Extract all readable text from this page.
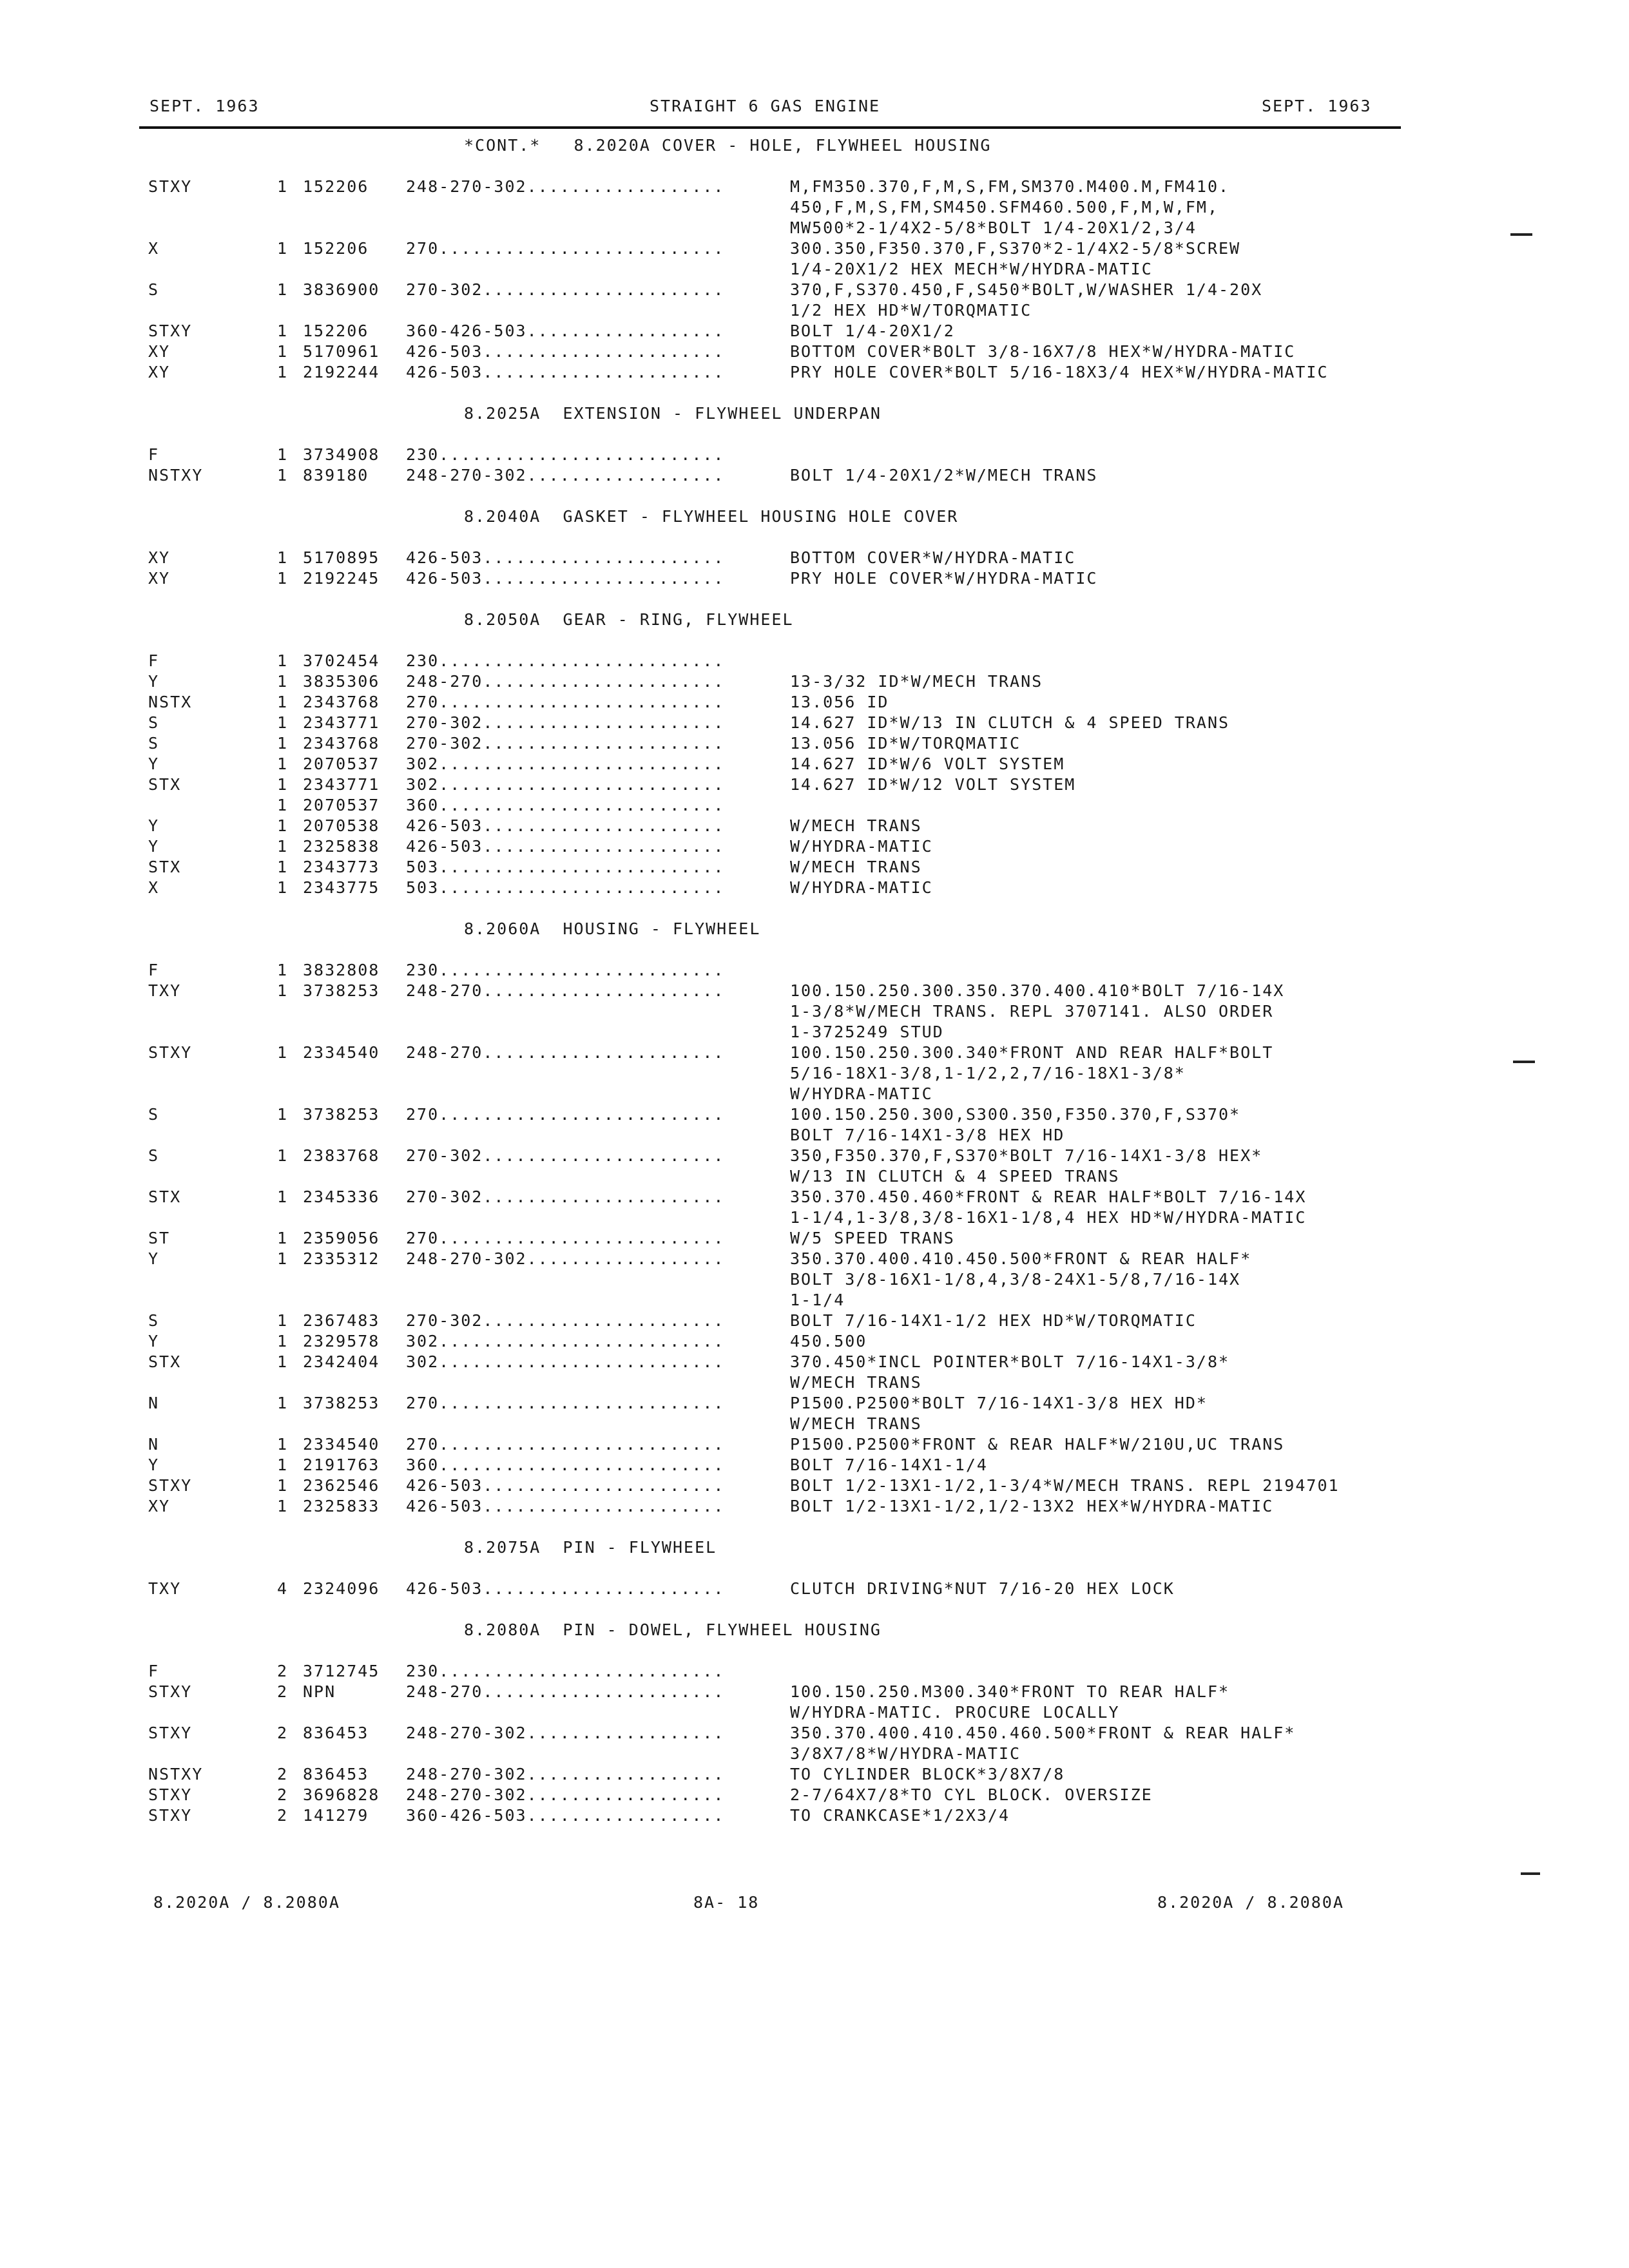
SEPT. 1963	STRAIGHT 6 GAS ENGINE	SEPT. 1963
*CONT.*   8.2020A COVER - HOLE, FLYWHEEL HOUSING
STXY	1 152206	248-270-302..................	M,FM350.370,F,M,S,FM,SM370.M400.M,FM410.
450,F,M,S,FM,SM450.SFM460.500,F,M,W,FM,
MW500*2-1/4X2-5/8*BOLT 1/4-20X1/2,3/4
X	1 152206	270..........................	300.350,F350.370,F,S370*2-1/4X2-5/8*SCREW
1/4-20X1/2 HEX MECH*W/HYDRA-MATIC
S	1 3836900	270-302......................	370,F,S370.450,F,S450*BOLT,W/WASHER 1/4-20X
1/2 HEX HD*W/TORQMATIC
STXY	1 152206	360-426-503..................	BOLT 1/4-20X1/2
XY	1 5170961	426-503......................	BOTTOM COVER*BOLT 3/8-16X7/8 HEX*W/HYDRA-MATIC
XY	1 2192244	426-503......................	PRY HOLE COVER*BOLT 5/16-18X3/4 HEX*W/HYDRA-MATIC
8.2025A  EXTENSION - FLYWHEEL UNDERPAN
F	1 3734908	230..........................
NSTXY	1 839180	248-270-302..................	BOLT 1/4-20X1/2*W/MECH TRANS
8.2040A  GASKET - FLYWHEEL HOUSING HOLE COVER
XY	1 5170895	426-503......................	BOTTOM COVER*W/HYDRA-MATIC
XY	1 2192245	426-503......................	PRY HOLE COVER*W/HYDRA-MATIC
8.2050A  GEAR - RING, FLYWHEEL
F	1 3702454	230..........................
Y	1 3835306	248-270......................	13-3/32 ID*W/MECH TRANS
NSTX	1 2343768	270..........................	13.056 ID
S	1 2343771	270-302......................	14.627 ID*W/13 IN CLUTCH & 4 SPEED TRANS
S	1 2343768	270-302......................	13.056 ID*W/TORQMATIC
Y	1 2070537	302..........................	14.627 ID*W/6 VOLT SYSTEM
STX	1 2343771	302..........................	14.627 ID*W/12 VOLT SYSTEM
1 2070537	360..........................
Y	1 2070538	426-503......................	W/MECH TRANS
Y	1 2325838	426-503......................	W/HYDRA-MATIC
STX	1 2343773	503..........................	W/MECH TRANS
X	1 2343775	503..........................	W/HYDRA-MATIC
8.2060A  HOUSING - FLYWHEEL
F	1 3832808	230..........................
TXY	1 3738253	248-270......................	100.150.250.300.350.370.400.410*BOLT 7/16-14X
1-3/8*W/MECH TRANS. REPL 3707141. ALSO ORDER
1-3725249 STUD
STXY	1 2334540	248-270......................	100.150.250.300.340*FRONT AND REAR HALF*BOLT
5/16-18X1-3/8,1-1/2,2,7/16-18X1-3/8*
W/HYDRA-MATIC
S	1 3738253	270..........................	100.150.250.300,S300.350,F350.370,F,S370*
BOLT 7/16-14X1-3/8 HEX HD
S	1 2383768	270-302......................	350,F350.370,F,S370*BOLT 7/16-14X1-3/8 HEX*
W/13 IN CLUTCH & 4 SPEED TRANS
STX	1 2345336	270-302......................	350.370.450.460*FRONT & REAR HALF*BOLT 7/16-14X
1-1/4,1-3/8,3/8-16X1-1/8,4 HEX HD*W/HYDRA-MATIC
ST	1 2359056	270..........................	W/5 SPEED TRANS
Y	1 2335312	248-270-302..................	350.370.400.410.450.500*FRONT & REAR HALF*
BOLT 3/8-16X1-1/8,4,3/8-24X1-5/8,7/16-14X
1-1/4
S	1 2367483	270-302......................	BOLT 7/16-14X1-1/2 HEX HD*W/TORQMATIC
Y	1 2329578	302..........................	450.500
STX	1 2342404	302..........................	370.450*INCL POINTER*BOLT 7/16-14X1-3/8*
W/MECH TRANS
N	1 3738253	270..........................	P1500.P2500*BOLT 7/16-14X1-3/8 HEX HD*
W/MECH TRANS
N	1 2334540	270..........................	P1500.P2500*FRONT & REAR HALF*W/210U,UC TRANS
Y	1 2191763	360..........................	BOLT 7/16-14X1-1/4
STXY	1 2362546	426-503......................	BOLT 1/2-13X1-1/2,1-3/4*W/MECH TRANS. REPL 2194701
XY	1 2325833	426-503......................	BOLT 1/2-13X1-1/2,1/2-13X2 HEX*W/HYDRA-MATIC
8.2075A  PIN - FLYWHEEL
TXY	4 2324096	426-503......................	CLUTCH DRIVING*NUT 7/16-20 HEX LOCK
8.2080A  PIN - DOWEL, FLYWHEEL HOUSING
F	2 3712745	230..........................
STXY	2 NPN	248-270......................	100.150.250.M300.340*FRONT TO REAR HALF*
W/HYDRA-MATIC. PROCURE LOCALLY
STXY	2 836453	248-270-302..................	350.370.400.410.450.460.500*FRONT & REAR HALF*
3/8X7/8*W/HYDRA-MATIC
NSTXY	2 836453	248-270-302..................	TO CYLINDER BLOCK*3/8X7/8
STXY	2 3696828	248-270-302..................	2-7/64X7/8*TO CYL BLOCK. OVERSIZE
STXY	2 141279	360-426-503..................	TO CRANKCASE*1/2X3/4
8.2020A / 8.2080A	8A- 18	8.2020A / 8.2080A
